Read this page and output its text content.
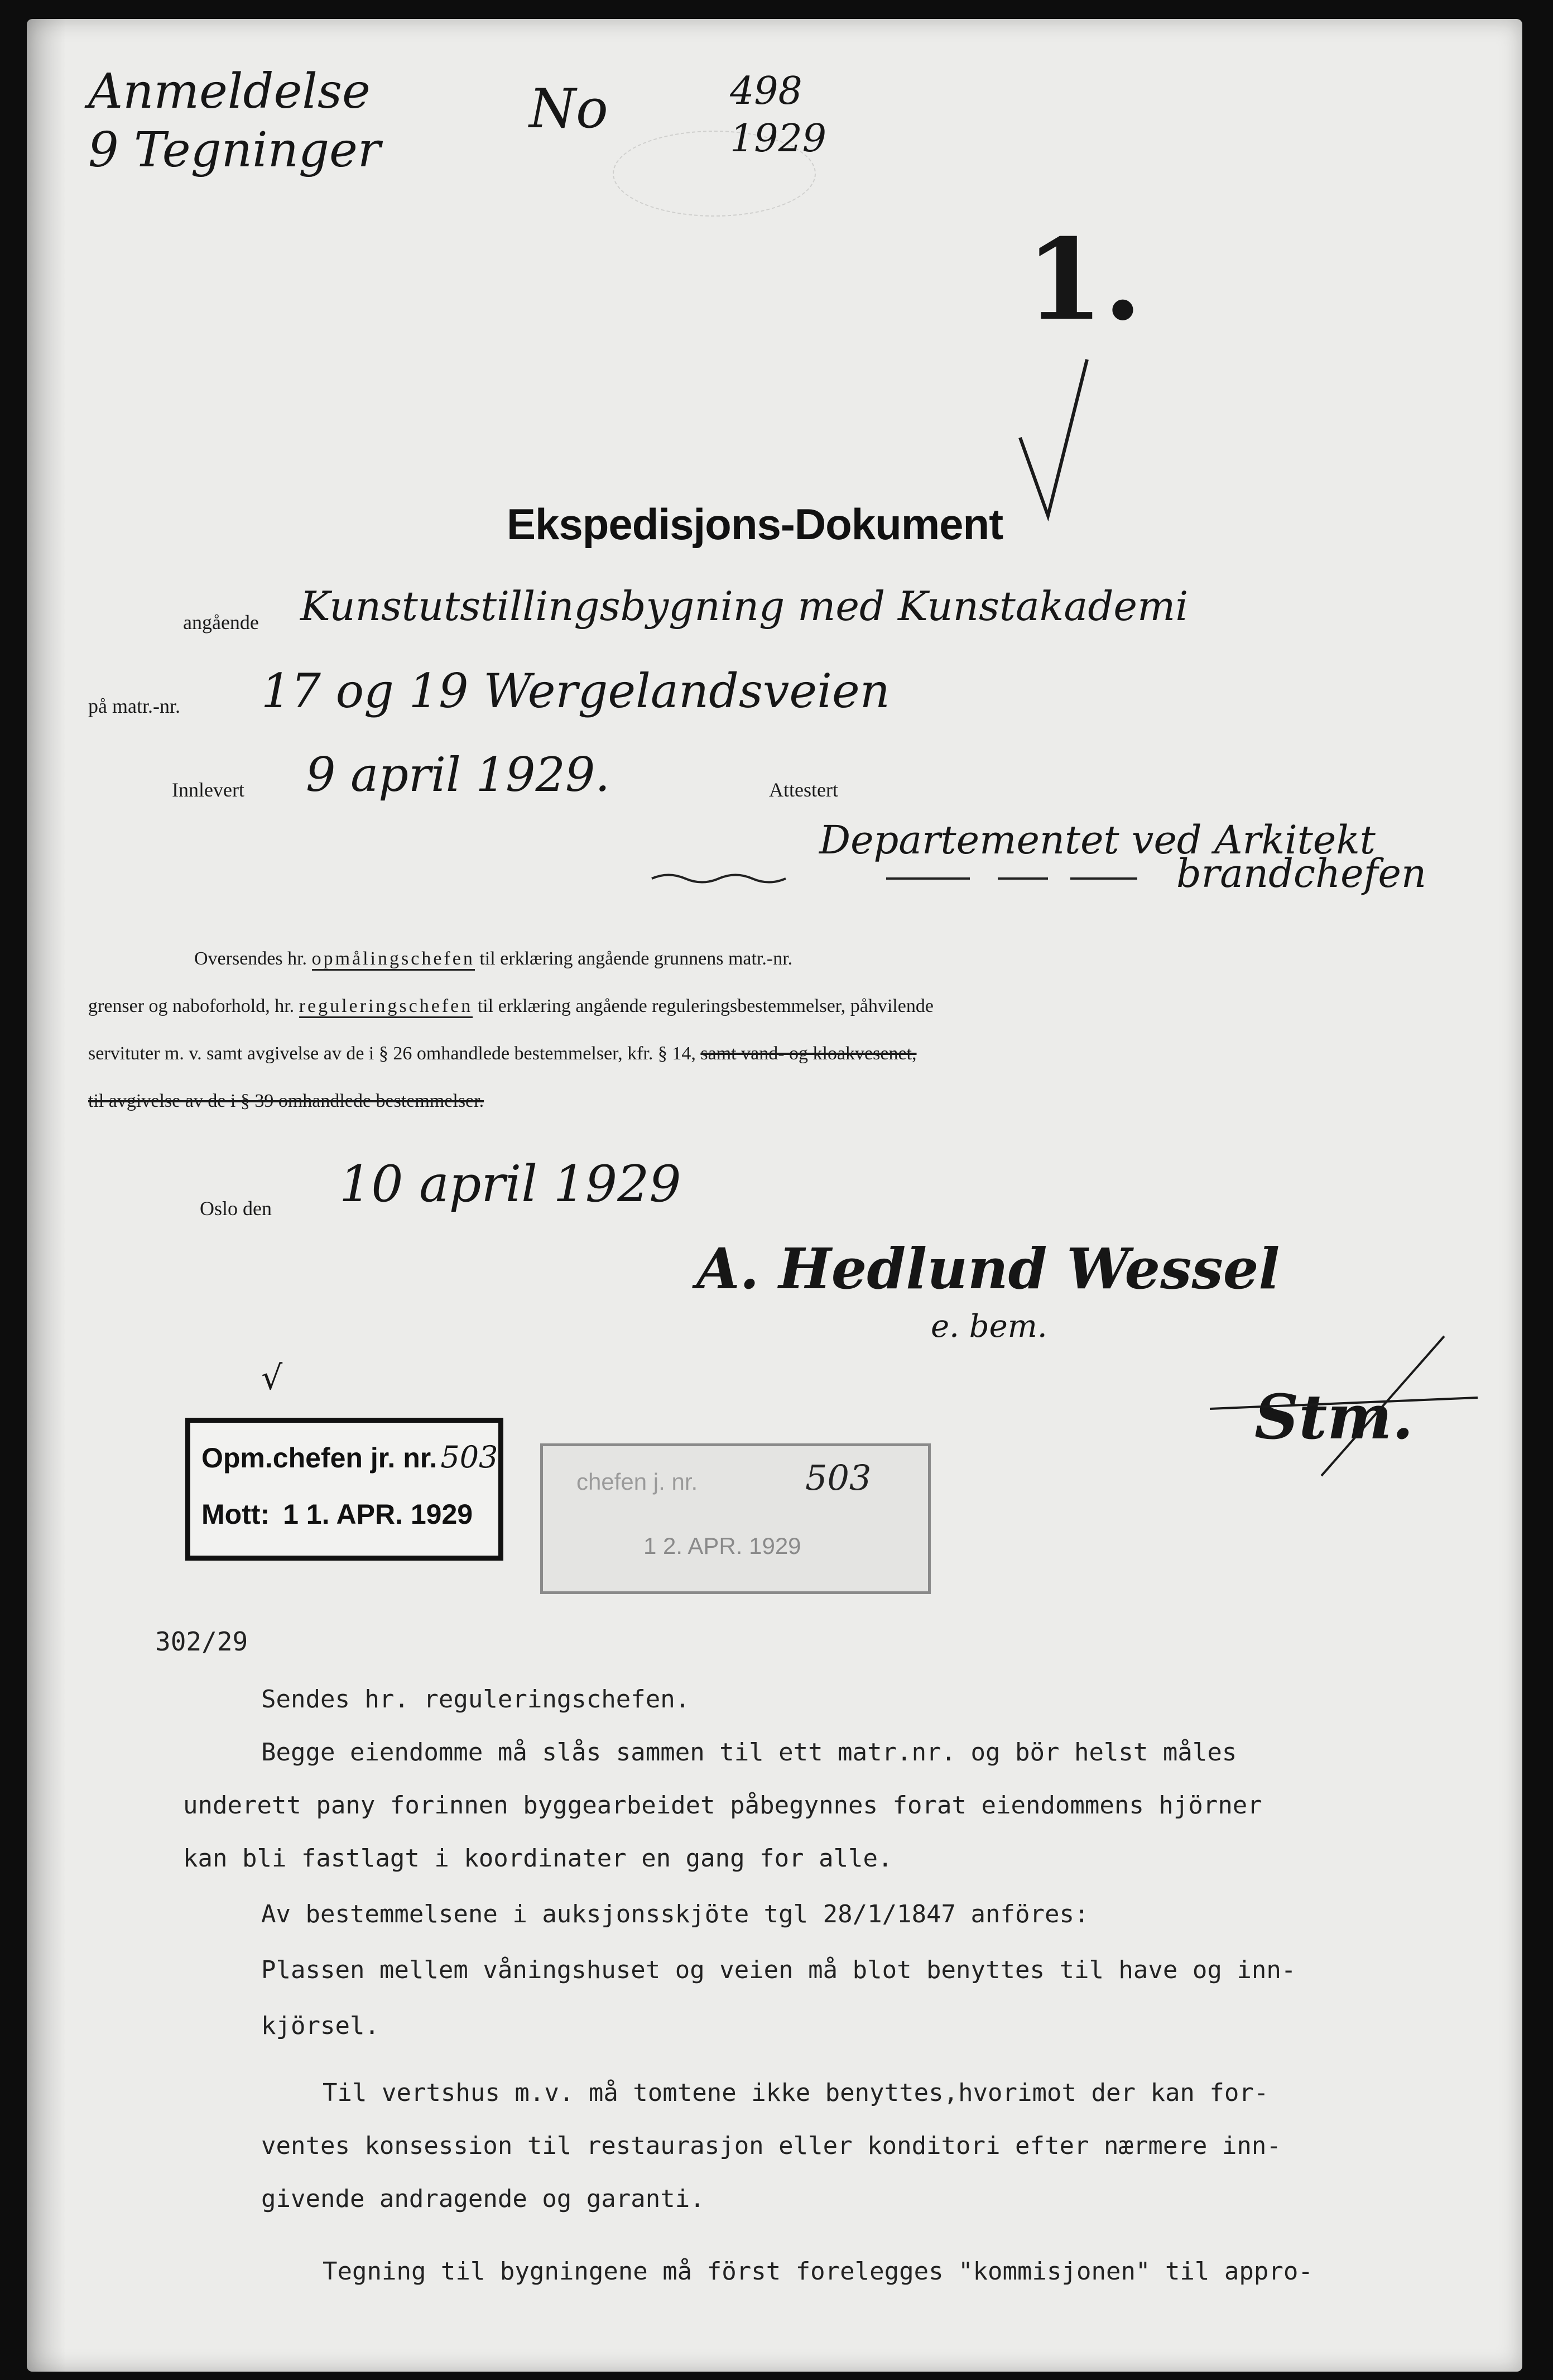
Anmeldelse
9 Tegninger
No	498
1929
1.
Ekspedisjons-Dokument
angående Kunstutstillingsbygning med Kunstakademi
på matr.-nr. 17 og 19 Wergelandsveien
Innlevert 9 april 1929.	Attestert
Departementet ved Arkitekt
brandchefen
Oversendes hr. opmålingschefen til erklæring angående grunnens matr.-nr.
grenser og naboforhold, hr. reguleringschefen til erklæring angående reguleringsbestemmelser, påhvilende
servituter m. v. samt avgivelse av de i § 26 omhandlede bestemmelser, kfr. § 14, samt vand- og kloakvesenet,
til avgivelse av de i § 39 omhandlede bestemmelser.
Oslo den 10 april 1929
A. Hedlund Wessel
e. bem.
Stm.
√
Opm.chefen jr. nr. 503
Mott: 1 1. APR. 1929
chefen j. nr.	503
1 2. APR. 1929
302/29
Sendes hr. reguleringschefen.
Begge eiendomme må slås sammen til ett matr.nr. og bör helst måles
underett pany forinnen byggearbeidet påbegynnes forat eiendommens hjörner
kan bli fastlagt i koordinater en gang for alle.
Av bestemmelsene i auksjonsskjöte tgl 28/1/1847 anföres:
Plassen mellem våningshuset og veien må blot benyttes til have og inn-
kjörsel.
Til vertshus m.v. må tomtene ikke benyttes,hvorimot der kan for-
ventes konsession til restaurasjon eller konditori efter nærmere inn-
givende andragende og garanti.
Tegning til bygningene må först forelegges "kommisjonen" til appro-
